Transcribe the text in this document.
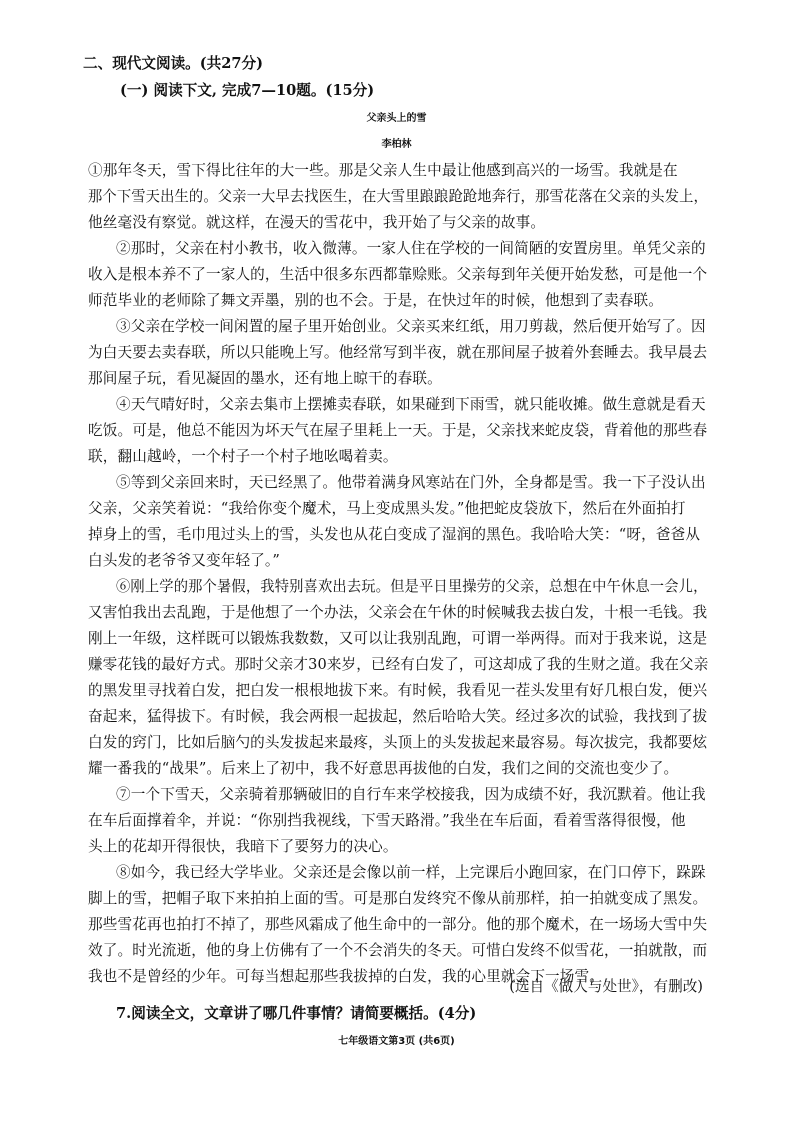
二、现代文阅读。(共27分)
(一) 阅读下文, 完成7—10题。(15分)
父亲头上的雪
李柏林
①那年冬天，雪下得比往年的大一些。那是父亲人生中最让他感到高兴的一场雪。我就是在
那个下雪天出生的。父亲一大早去找医生，在大雪里踉踉跄跄地奔行，那雪花落在父亲的头发上，
他丝毫没有察觉。就这样，在漫天的雪花中，我开始了与父亲的故事。
②那时，父亲在村小教书，收入微薄。一家人住在学校的一间简陋的安置房里。单凭父亲的
收入是根本养不了一家人的，生活中很多东西都靠赊账。父亲每到年关便开始发愁，可是他一个
师范毕业的老师除了舞文弄墨，别的也不会。于是，在快过年的时候，他想到了卖春联。
③父亲在学校一间闲置的屋子里开始创业。父亲买来红纸，用刀剪裁，然后便开始写了。因
为白天要去卖春联，所以只能晚上写。他经常写到半夜，就在那间屋子披着外套睡去。我早晨去
那间屋子玩，看见凝固的墨水，还有地上晾干的春联。
④天气晴好时，父亲去集市上摆摊卖春联，如果碰到下雨雪，就只能收摊。做生意就是看天
吃饭。可是，他总不能因为坏天气在屋子里耗上一天。于是，父亲找来蛇皮袋，背着他的那些春
联，翻山越岭，一个村子一个村子地吆喝着卖。
⑤等到父亲回来时，天已经黑了。他带着满身风寒站在门外，全身都是雪。我一下子没认出
父亲，父亲笑着说：“我给你变个魔术，马上变成黑头发。”他把蛇皮袋放下，然后在外面拍打
掉身上的雪，毛巾甩过头上的雪，头发也从花白变成了湿润的黑色。我哈哈大笑：“呀，爸爸从
白头发的老爷爷又变年轻了。”
⑥刚上学的那个暑假，我特别喜欢出去玩。但是平日里操劳的父亲，总想在中午休息一会儿，
又害怕我出去乱跑，于是他想了一个办法，父亲会在午休的时候喊我去拔白发，十根一毛钱。我
刚上一年级，这样既可以锻炼我数数，又可以让我别乱跑，可谓一举两得。而对于我来说，这是
赚零花钱的最好方式。那时父亲才30来岁，已经有白发了，可这却成了我的生财之道。我在父亲
的黑发里寻找着白发，把白发一根根地拔下来。有时候，我看见一茬头发里有好几根白发，便兴
奋起来，猛得拔下。有时候，我会两根一起拔起，然后哈哈大笑。经过多次的试验，我找到了拔
白发的窍门，比如后脑勺的头发拔起来最疼，头顶上的头发拔起来最容易。每次拔完，我都要炫
耀一番我的“战果”。后来上了初中，我不好意思再拔他的白发，我们之间的交流也变少了。
⑦一个下雪天，父亲骑着那辆破旧的自行车来学校接我，因为成绩不好，我沉默着。他让我
在车后面撑着伞，并说：“你别挡我视线，下雪天路滑。”我坐在车后面，看着雪落得很慢，他
头上的花却开得很快，我暗下了要努力的决心。
⑧如今，我已经大学毕业。父亲还是会像以前一样，上完课后小跑回家，在门口停下，跺跺
脚上的雪，把帽子取下来拍拍上面的雪。可是那白发终究不像从前那样，拍一拍就变成了黑发。
那些雪花再也拍打不掉了，那些风霜成了他生命中的一部分。他的那个魔术，在一场场大雪中失
效了。时光流逝，他的身上仿佛有了一个不会消失的冬天。可惜白发终不似雪花，一拍就散，而
我也不是曾经的少年。可每当想起那些我拔掉的白发，我的心里就会下一场雪。
(选自《做人与处世》，有删改)
7.阅读全文，文章讲了哪几件事情？请简要概括。(4分)
七年级语文第3页 (共6页)
